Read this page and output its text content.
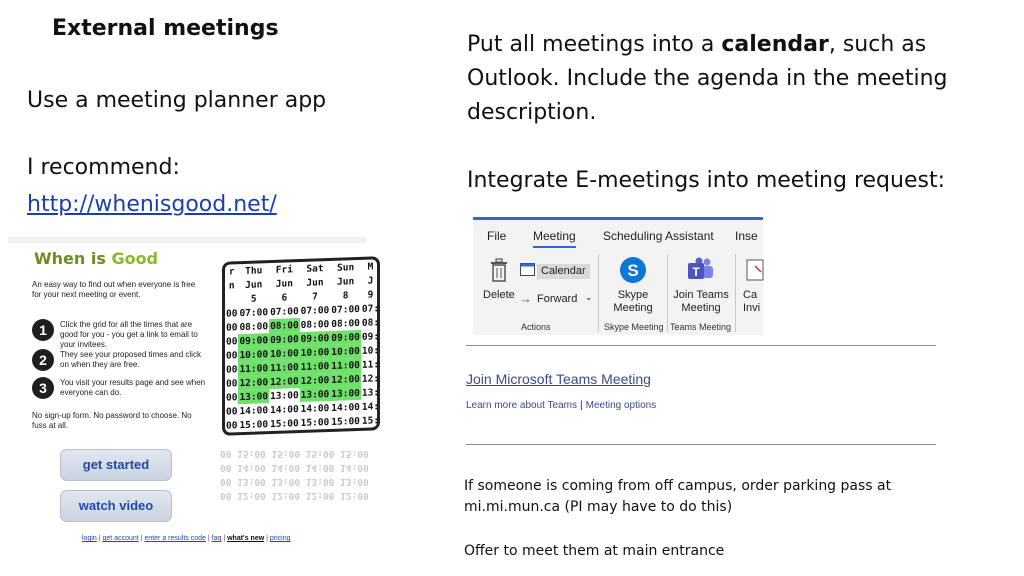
External meetings
Use a meeting planner app
I recommend:
http://whenisgood.net/
Put all meetings into a calendar, such as Outlook. Include the agenda in the meeting description.
Integrate E-meetings into meeting request:
When is Good
An easy way to find out when everyone is free for your next meeting or event.
1	Click the grid for all the times that are good for you - you get a link to email to your invitees.
2	They see your proposed times and click on when they are free.
3	You visit your results page and see when everyone can do.
No sign-up form. No password to choose. No fuss at all.
get started
watch video
login | get account | enter a results code | faq | what's new | pricing
r	Thu	Fri	Sat	Sun	M
n	Jun	Jun	Jun	Jun	J
	5	6	7	8	9
00	07:00	07:00	07:00	07:00	07:
00	08:00	08:00	08:00	08:00	08:
00	09:00	09:00	09:00	09:00	09:
00	10:00	10:00	10:00	10:00	10:
00	11:00	11:00	11:00	11:00	11:
00	12:00	12:00	12:00	12:00	12:
00	13:00	13:00	13:00	13:00	13:
00	14:00	14:00	14:00	14:00	14:
00	15:00	15:00	15:00	15:00	15:
00 12:00 12:00 12:00 12:00
00 13:00 13:00 13:00 13:00
00 14:00 14:00 14:00 14:00
00 15:00 15:00 15:00 15:00
File Meeting Scheduling Assistant Inse
Delete
Calendar
→ Forward ⌄
S
Skype
Meeting
T
Join Teams
Meeting
Ca
Invi
Actions	Skype Meeting Teams Meeting
Join Microsoft Teams Meeting
Learn more about Teams | Meeting options
If someone is coming from off campus, order parking pass at mi.mi.mun.ca (PI may have to do this)
Offer to meet them at main entrance
